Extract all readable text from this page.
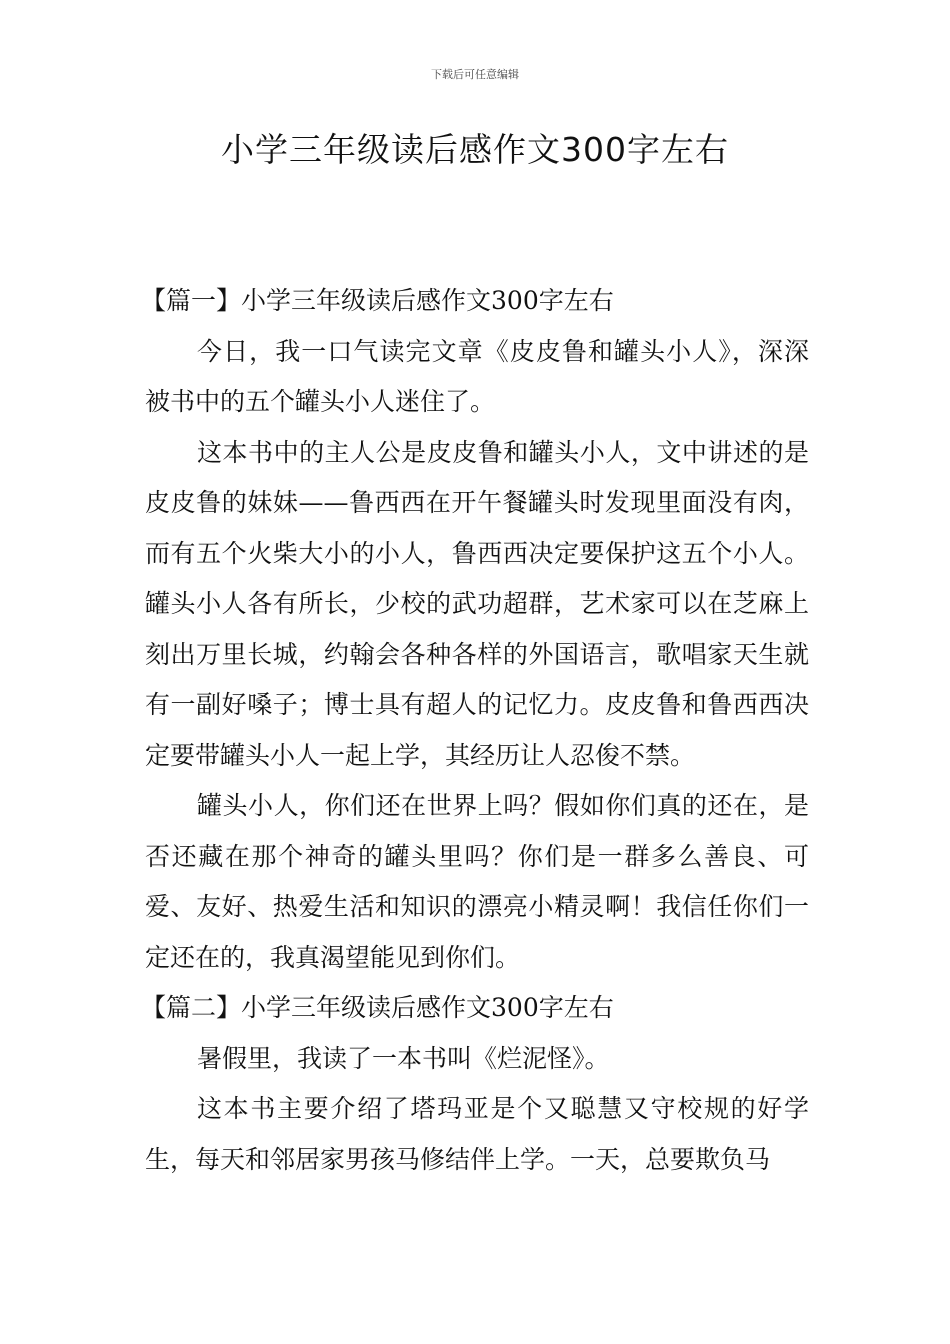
下载后可任意编辑
小学三年级读后感作文300字左右

【篇一】小学三年级读后感作文300字左右

今日，我一口气读完文章《皮皮鲁和罐头小人》，深深被书中的五个罐头小人迷住了。

这本书中的主人公是皮皮鲁和罐头小人，文中讲述的是皮皮鲁的妹妹——鲁西西在开午餐罐头时发现里面没有肉，而有五个火柴大小的小人，鲁西西决定要保护这五个小人。罐头小人各有所长，少校的武功超群，艺术家可以在芝麻上刻出万里长城，约翰会各种各样的外国语言，歌唱家天生就有一副好嗓子；博士具有超人的记忆力。皮皮鲁和鲁西西决定要带罐头小人一起上学，其经历让人忍俊不禁。

罐头小人，你们还在世界上吗？假如你们真的还在，是否还藏在那个神奇的罐头里吗？你们是一群多么善良、可爱、友好、热爱生活和知识的漂亮小精灵啊！我信任你们一定还在的，我真渴望能见到你们。

【篇二】小学三年级读后感作文300字左右

暑假里，我读了一本书叫《烂泥怪》。

这本书主要介绍了塔玛亚是个又聪慧又守校规的好学生，每天和邻居家男孩马修结伴上学。一天，总要欺负马
